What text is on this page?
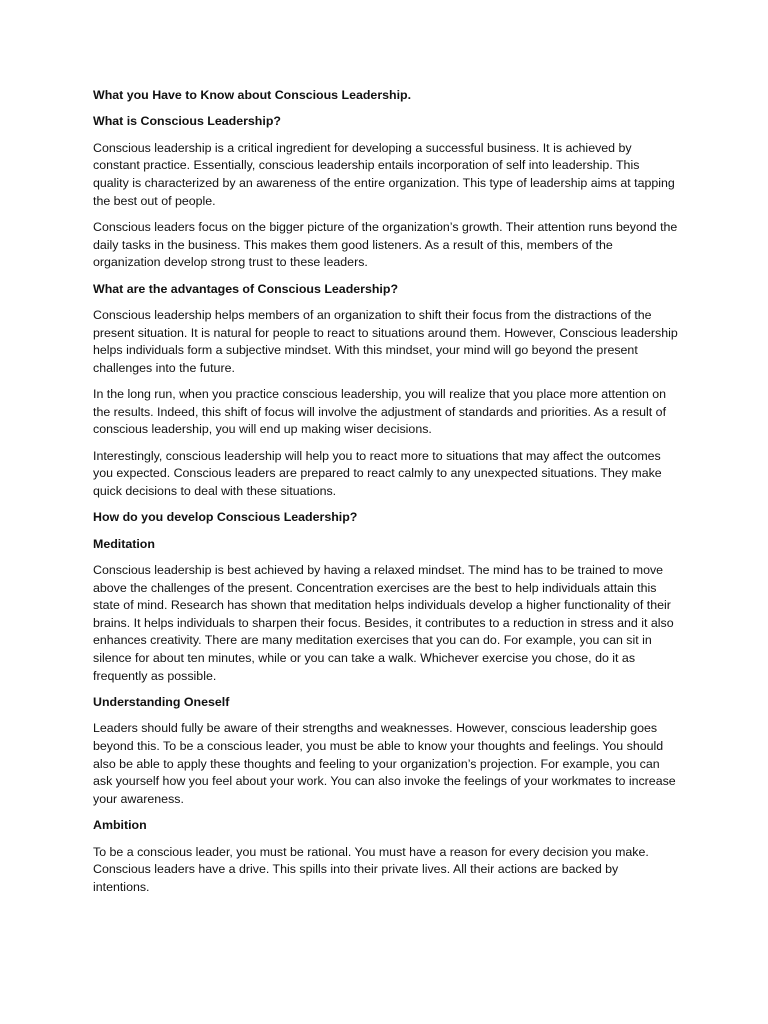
What you Have to Know about Conscious Leadership.
What is Conscious Leadership?

Conscious leadership is a critical ingredient for developing a successful business. It is achieved by constant practice. Essentially, conscious leadership entails incorporation of self into leadership. This quality is characterized by an awareness of the entire organization. This type of leadership aims at tapping the best out of people.

Conscious leaders focus on the bigger picture of the organization’s growth. Their attention runs beyond the daily tasks in the business. This makes them good listeners. As a result of this, members of the organization develop strong trust to these leaders.

What are the advantages of Conscious Leadership?

Conscious leadership helps members of an organization to shift their focus from the distractions of the present situation. It is natural for people to react to situations around them. However, Conscious leadership helps individuals form a subjective mindset. With this mindset, your mind will go beyond the present challenges into the future.

In the long run, when you practice conscious leadership, you will realize that you place more attention on the results. Indeed, this shift of focus will involve the adjustment of standards and priorities. As a result of conscious leadership, you will end up making wiser decisions.

Interestingly, conscious leadership will help you to react more to situations that may affect the outcomes you expected. Conscious leaders are prepared to react calmly to any unexpected situations. They make quick decisions to deal with these situations.

How do you develop Conscious Leadership?
Meditation

Conscious leadership is best achieved by having a relaxed mindset. The mind has to be trained to move above the challenges of the present. Concentration exercises are the best to help individuals attain this state of mind. Research has shown that meditation helps individuals develop a higher functionality of their brains. It helps individuals to sharpen their focus. Besides, it contributes to a reduction in stress and it also enhances creativity. There are many meditation exercises that you can do. For example, you can sit in silence for about ten minutes, while or you can take a walk. Whichever exercise you chose, do it as frequently as possible.

Understanding Oneself

Leaders should fully be aware of their strengths and weaknesses. However, conscious leadership goes beyond this. To be a conscious leader, you must be able to know your thoughts and feelings. You should also be able to apply these thoughts and feeling to your organization’s projection. For example, you can ask yourself how you feel about your work. You can also invoke the feelings of your workmates to increase your awareness.

Ambition

To be a conscious leader, you must be rational. You must have a reason for every decision you make. Conscious leaders have a drive. This spills into their private lives. All their actions are backed by intentions.
